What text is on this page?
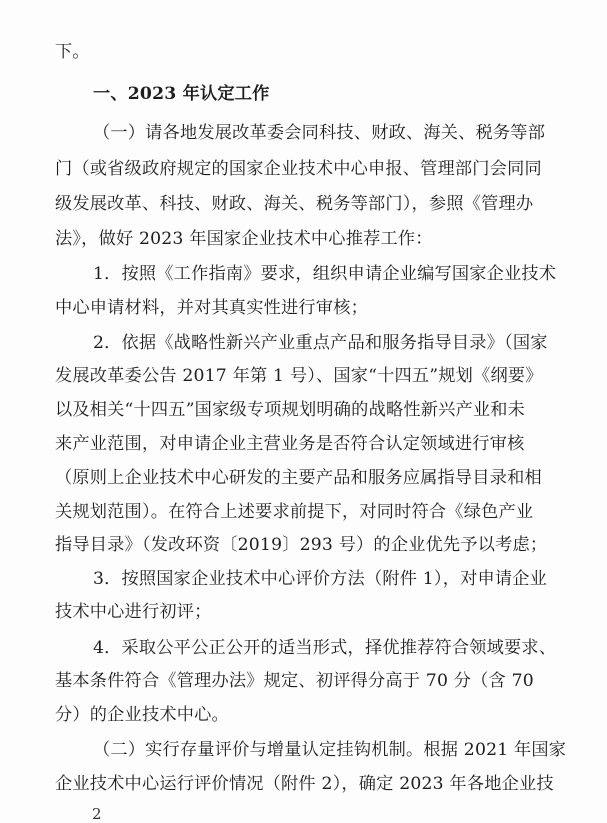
下。
一、2023 年认定工作
（一）请各地发展改革委会同科技、财政、海关、税务等部
门（或省级政府规定的国家企业技术中心申报、管理部门会同同
级发展改革、科技、财政、海关、税务等部门），参照《管理办
法》，做好 2023 年国家企业技术中心推荐工作：
1．按照《工作指南》要求，组织申请企业编写国家企业技术
中心申请材料，并对其真实性进行审核；
2．依据《战略性新兴产业重点产品和服务指导目录》（国家
发展改革委公告 2017 年第 1 号）、国家“十四五”规划《纲要》
以及相关“十四五”国家级专项规划明确的战略性新兴产业和未
来产业范围，对申请企业主营业务是否符合认定领域进行审核
（原则上企业技术中心研发的主要产品和服务应属指导目录和相
关规划范围）。在符合上述要求前提下，对同时符合《绿色产业
指导目录》（发改环资〔2019〕293 号）的企业优先予以考虑；
3．按照国家企业技术中心评价方法（附件 1），对申请企业
技术中心进行初评；
4．采取公平公正公开的适当形式，择优推荐符合领域要求、
基本条件符合《管理办法》规定、初评得分高于 70 分（含 70
分）的企业技术中心。
（二）实行存量评价与增量认定挂钩机制。根据 2021 年国家
企业技术中心运行评价情况（附件 2），确定 2023 年各地企业技
2
